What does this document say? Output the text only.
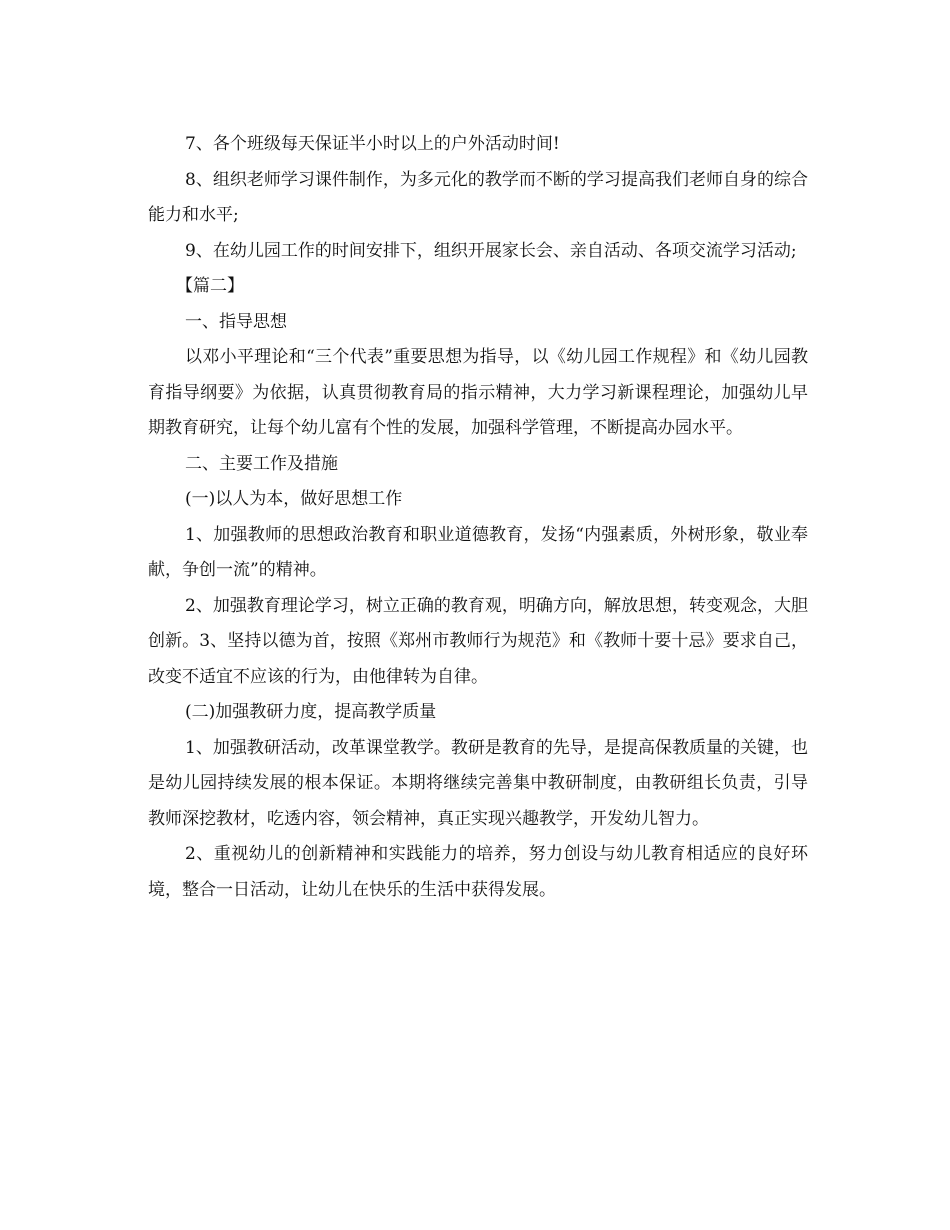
7、各个班级每天保证半小时以上的户外活动时间!

8、组织老师学习课件制作，为多元化的教学而不断的学习提高我们老师自身的综合能力和水平;

9、在幼儿园工作的时间安排下，组织开展家长会、亲自活动、各项交流学习活动;

【篇二】

一、指导思想

以邓小平理论和“三个代表”重要思想为指导，以《幼儿园工作规程》和《幼儿园教育指导纲要》为依据，认真贯彻教育局的指示精神，大力学习新课程理论，加强幼儿早期教育研究，让每个幼儿富有个性的发展，加强科学管理，不断提高办园水平。

二、主要工作及措施

(一)以人为本，做好思想工作

1、加强教师的思想政治教育和职业道德教育，发扬“内强素质，外树形象，敬业奉献，争创一流”的精神。

2、加强教育理论学习，树立正确的教育观，明确方向，解放思想，转变观念，大胆创新。3、坚持以德为首，按照《郑州市教师行为规范》和《教师十要十忌》要求自己，改变不适宜不应该的行为，由他律转为自律。

(二)加强教研力度，提高教学质量

1、加强教研活动，改革课堂教学。教研是教育的先导，是提高保教质量的关键，也是幼儿园持续发展的根本保证。本期将继续完善集中教研制度，由教研组长负责，引导教师深挖教材，吃透内容，领会精神，真正实现兴趣教学，开发幼儿智力。

2、重视幼儿的创新精神和实践能力的培养，努力创设与幼儿教育相适应的良好环境，整合一日活动，让幼儿在快乐的生活中获得发展。
